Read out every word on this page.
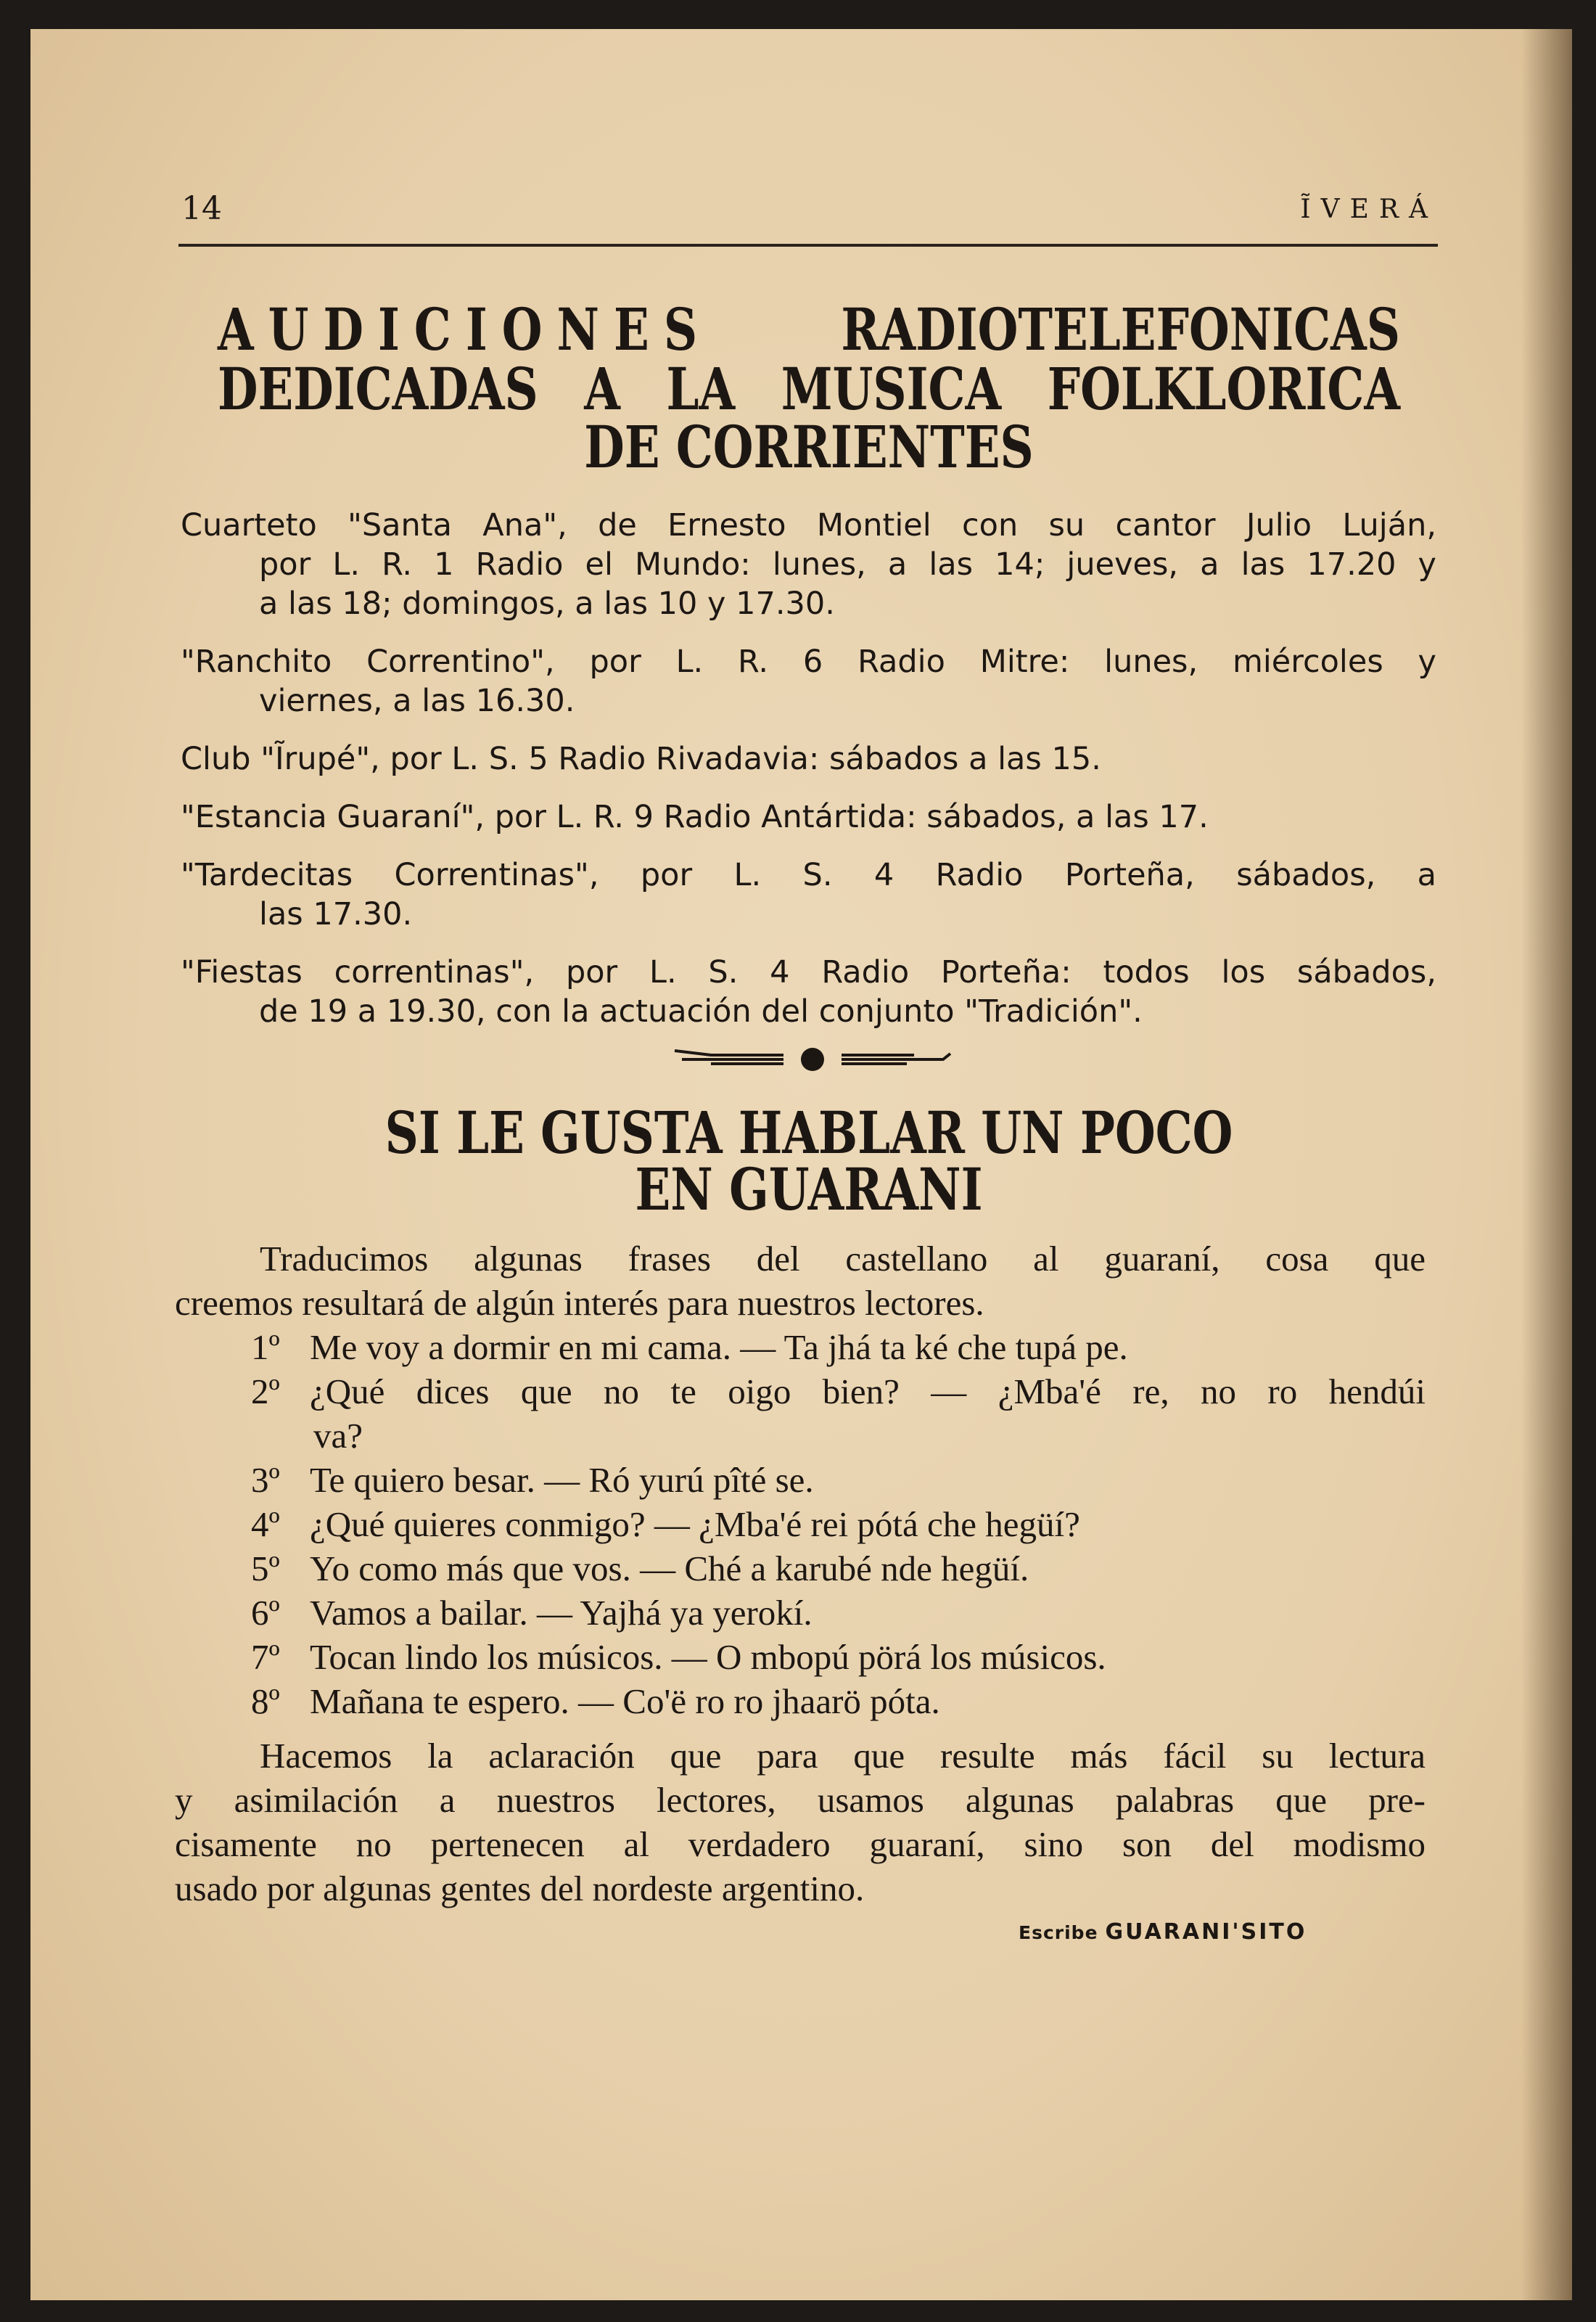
14	ĨVERÁ
AUDICIONES	RADIOTELEFONICAS
DEDICADAS A LA MUSICA FOLKLORICA
DE CORRIENTES
Cuarteto "Santa Ana", de Ernesto Montiel con su cantor Julio Luján,
por L. R. 1 Radio el Mundo: lunes, a las 14; jueves, a las 17.20 y
a las 18; domingos, a las 10 y 17.30.
"Ranchito Correntino", por L. R. 6 Radio Mitre: lunes, miércoles y
viernes, a las 16.30.
Club "Ĩrupé", por L. S. 5 Radio Rivadavia: sábados a las 15.
"Estancia Guaraní", por L. R. 9 Radio Antártida: sábados, a las 17.
"Tardecitas Correntinas", por L. S. 4 Radio Porteña, sábados, a
las 17.30.
"Fiestas correntinas", por L. S. 4 Radio Porteña: todos los sábados,
de 19 a 19.30, con la actuación del conjunto "Tradición".
SI LE GUSTA HABLAR UN POCO
EN GUARANI
Traducimos algunas frases del castellano al guaraní, cosa que
creemos resultará de algún interés para nuestros lectores.
1º Me voy a dormir en mi cama. — Ta jhá ta ké che tupá pe.
2º ¿Qué dices que no te oigo bien? — ¿Mba'é re, no ro hendúi
va?
3º Te quiero besar. — Ró yurú pîté se.
4º ¿Qué quieres conmigo? — ¿Mba'é rei pótá che hegüí?
5º Yo como más que vos. — Ché a karubé nde hegüí.
6º Vamos a bailar. — Yajhá ya yerokí.
7º Tocan lindo los músicos. — O mbopú pörá los músicos.
8º Mañana te espero. — Co'ë ro ro jhaarö póta.
Hacemos la aclaración que para que resulte más fácil su lectura
y asimilación a nuestros lectores, usamos algunas palabras que pre-
cisamente no pertenecen al verdadero guaraní, sino son del modismo
usado por algunas gentes del nordeste argentino.
Escribe GUARANI'SITO
